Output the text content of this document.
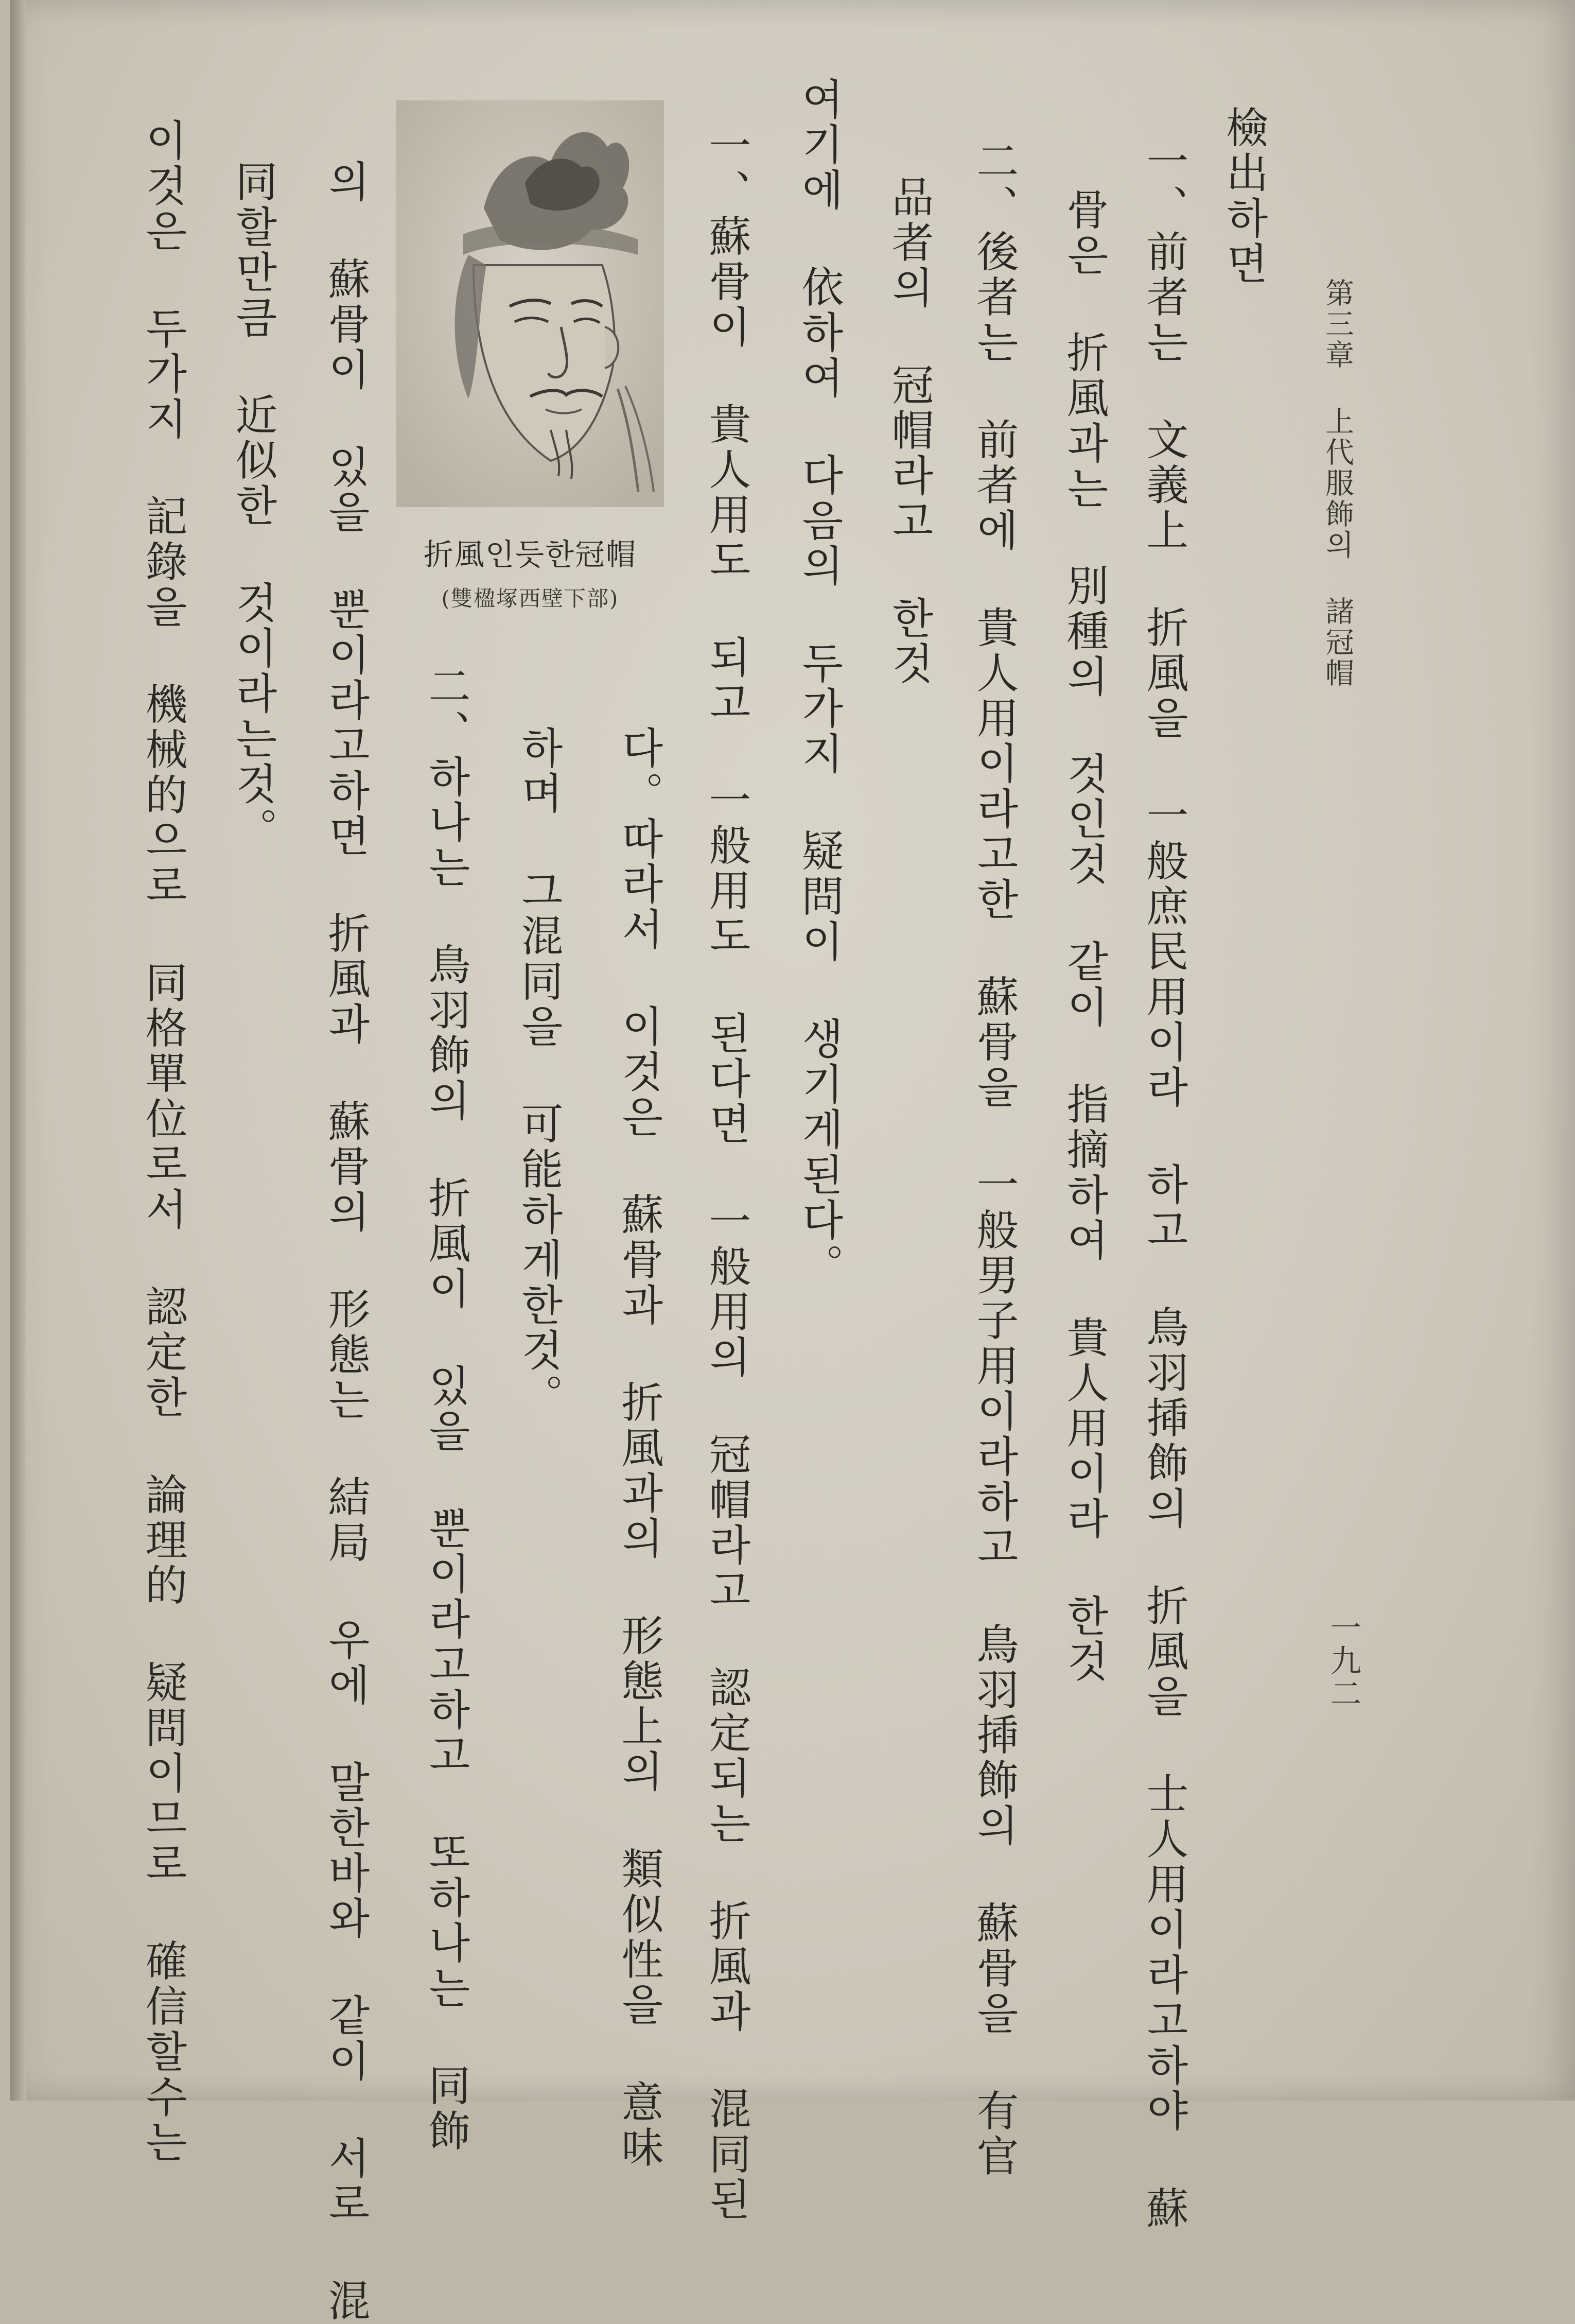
第三章 上代服飾의 諸冠帽
一九二
檢出하면
一、前者는 文義上 折風을 一般庶民用이라 하고 鳥羽揷飾의 折風을 士人用이라고하야 蘇
骨은 折風과는 別種의 것인것 같이 指摘하여 貴人用이라 한것
二、後者는 前者에 貴人用이라고한 蘇骨을 一般男子用이라하고 鳥羽揷飾의 蘇骨을 有官
品者의 冠帽라고 한것
여기에 依하여 다음의 두가지 疑問이 생기게된다。
一、蘇骨이 貴人用도 되고 一般用도 된다면 一般用의 冠帽라고 認定되는 折風과 混同된
다。따라서 이것은 蘇骨과 折風과의 形態上의 類似性을 意味
하며 그混同을 可能하게한것。
二、하나는 鳥羽飾의 折風이 있을 뿐이라고하고 또하나는 同飾
의 蘇骨이 있을 뿐이라고하면 折風과 蘇骨의 形態는 結局 우에 말한바와 같이 서로 混
同할만큼 近似한 것이라는것。
이것은 두가지 記錄을 機械的으로 同格單位로서 認定한 論理的 疑問이므로 確信할수는	折風인듯한冠帽
(雙楹塚西壁下部)
